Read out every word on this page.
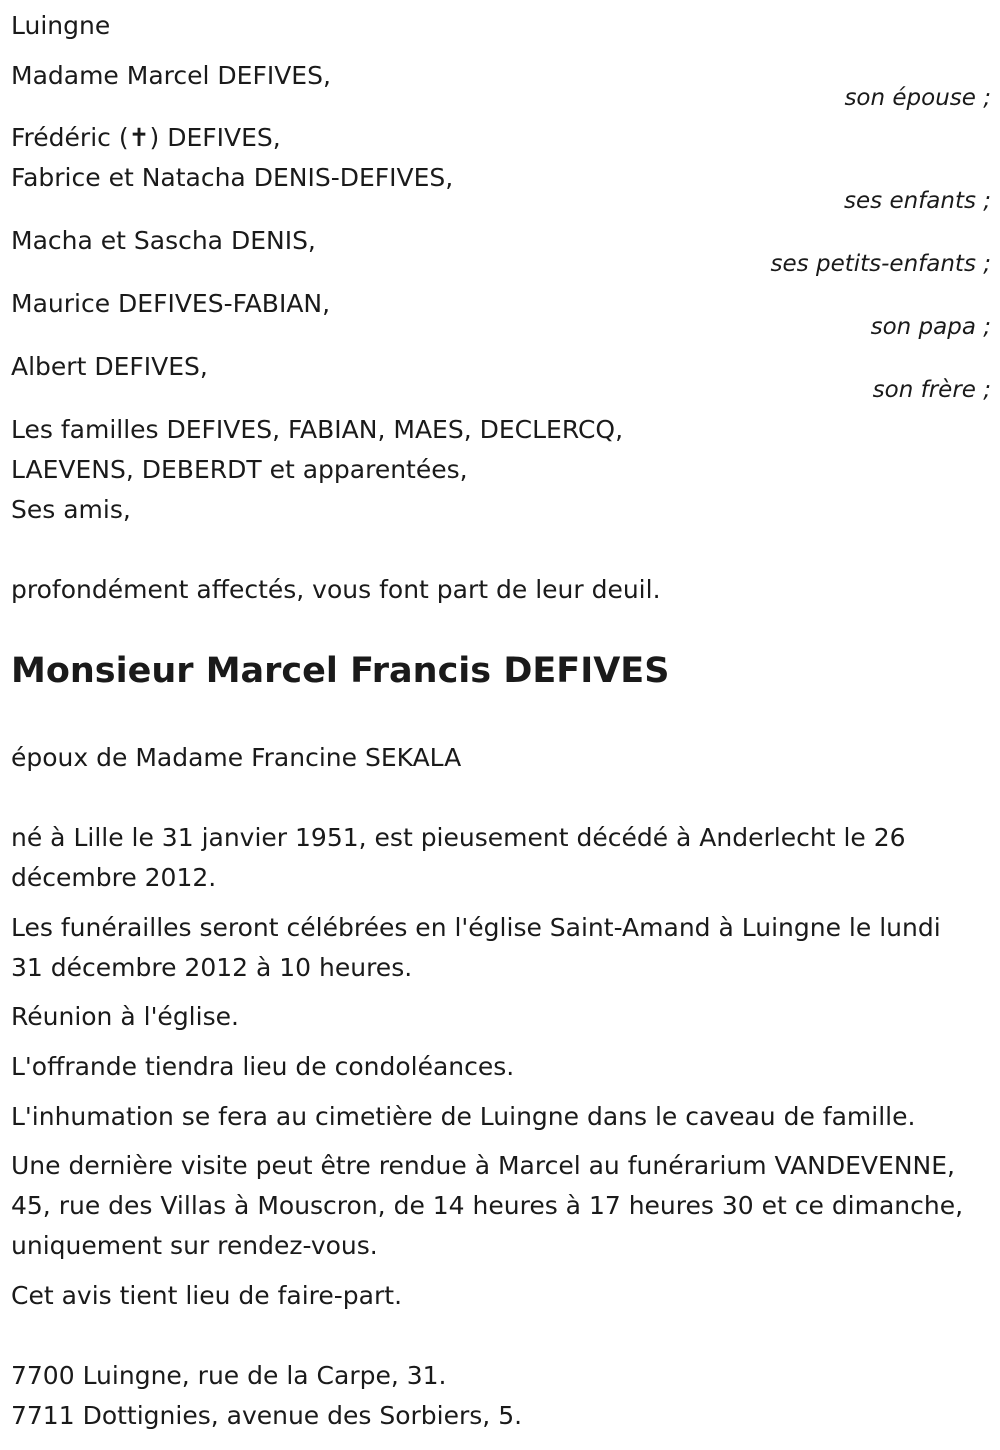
Luingne
Madame Marcel DEFIVES,
son épouse ;
Frédéric (✝) DEFIVES,
Fabrice et Natacha DENIS-DEFIVES,
ses enfants ;
Macha et Sascha DENIS,
ses petits-enfants ;
Maurice DEFIVES-FABIAN,
son papa ;
Albert DEFIVES,
son frère ;
Les familles DEFIVES, FABIAN, MAES, DECLERCQ,
LAEVENS, DEBERDT et apparentées,
Ses amis,
profondément affectés, vous font part de leur deuil.
Monsieur Marcel Francis DEFIVES
époux de Madame Francine SEKALA
né à Lille le 31 janvier 1951, est pieusement décédé à Anderlecht le 26 décembre 2012.
Les funérailles seront célébrées en l'église Saint-Amand à Luingne le lundi 31 décembre 2012 à 10 heures.
Réunion à l'église.
L'offrande tiendra lieu de condoléances.
L'inhumation se fera au cimetière de Luingne dans le caveau de famille.
Une dernière visite peut être rendue à Marcel au funérarium VANDEVENNE, 45, rue des Villas à Mouscron, de 14 heures à 17 heures 30 et ce dimanche, uniquement sur rendez-vous.
Cet avis tient lieu de faire-part.
7700 Luingne, rue de la Carpe, 31.
7711 Dottignies, avenue des Sorbiers, 5.
